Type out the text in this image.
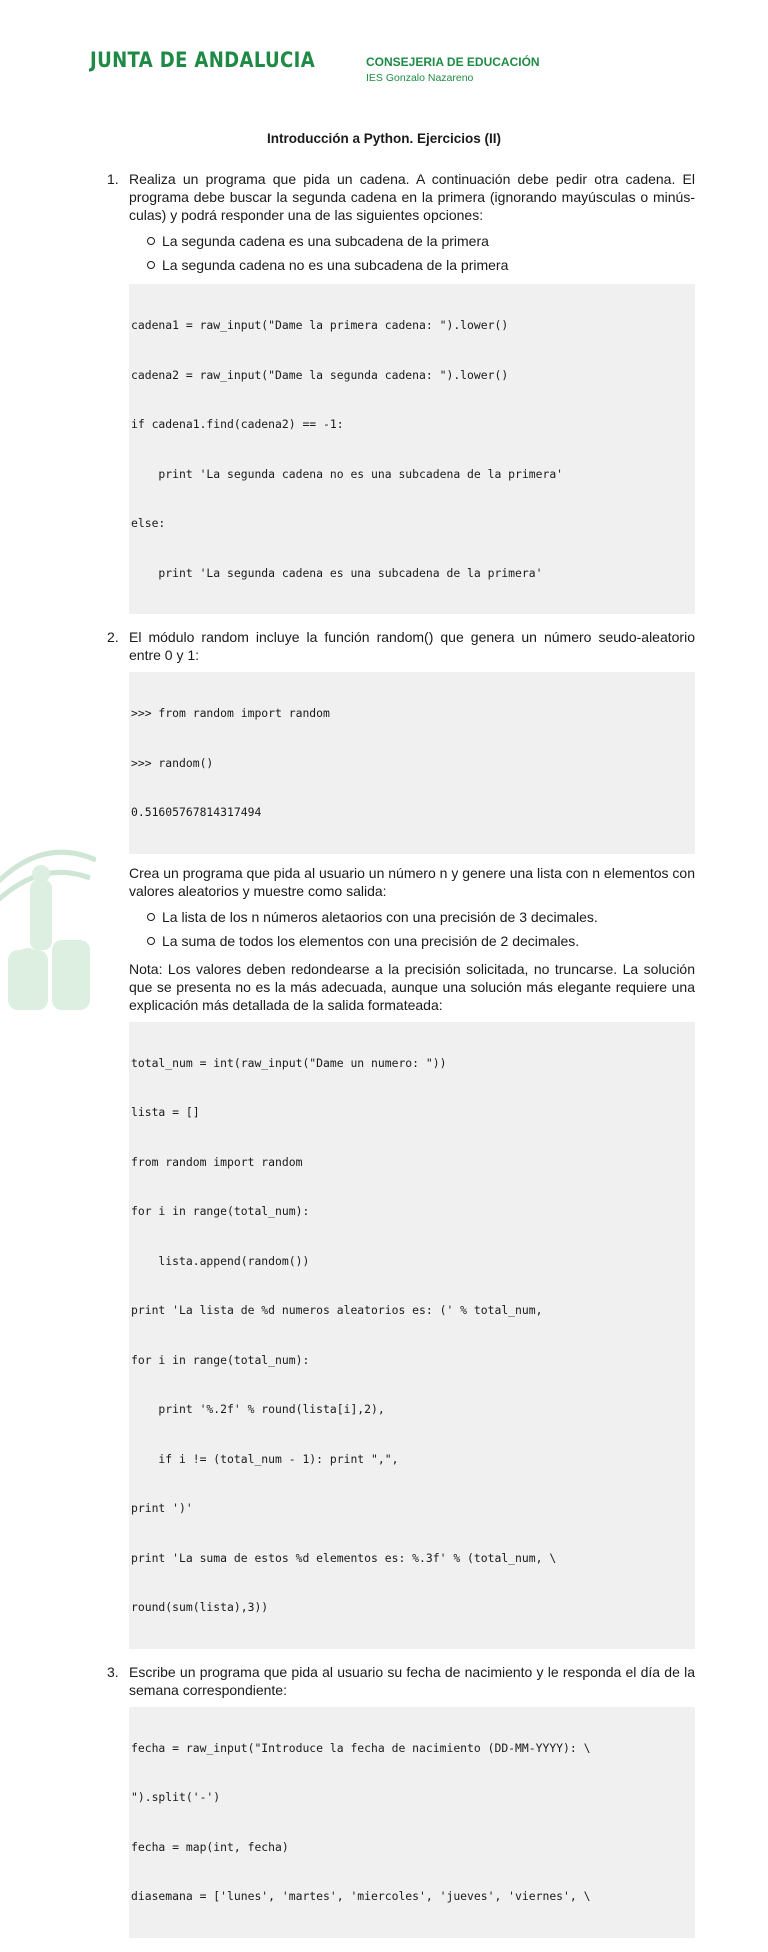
JUNTA DE ANDALUCIA	CONSEJERIA DE EDUCACIÓN
IES Gonzalo Nazareno
Introducción a Python. Ejercicios (II)
1. Realiza un programa que pida un cadena. A continuación debe pedir otra cadena. El programa debe buscar la segunda cadena en la primera (ignorando mayúsculas o minús- culas) y podrá responder una de las siguientes opciones:

La segunda cadena es una subcadena de la primera
La segunda cadena no es una subcadena de la primera

cadena1 = raw_input("Dame la primera cadena: ").lower()

cadena2 = raw_input("Dame la segunda cadena: ").lower()

if cadena1.find(cadena2) == -1:

print 'La segunda cadena no es una subcadena de la primera'

else:

print 'La segunda cadena es una subcadena de la primera'

2. El módulo random incluye la función random() que genera un número seudo-aleatorio entre 0 y 1:

>>> from random import random

>>> random()

0.51605767814317494

Crea un programa que pida al usuario un número n y genere una lista con n elementos con valores aleatorios y muestre como salida:

La lista de los n números aletaorios con una precisión de 3 decimales.
La suma de todos los elementos con una precisión de 2 decimales.

Nota: Los valores deben redondearse a la precisión solicitada, no truncarse. La solución que se presenta no es la más adecuada, aunque una solución más elegante requiere una explicación más detallada de la salida formateada:

total_num = int(raw_input("Dame un numero: "))

lista = []

from random import random

for i in range(total_num):

lista.append(random())

print 'La lista de %d numeros aleatorios es: (' % total_num,

for i in range(total_num):

print '%.2f' % round(lista[i],2),

if i != (total_num - 1): print ",",

print ')'

print 'La suma de estos %d elementos es: %.3f' % (total_num, \

round(sum(lista),3))

3. Escribe un programa que pida al usuario su fecha de nacimiento y le responda el día de la semana correspondiente:

fecha = raw_input("Introduce la fecha de nacimiento (DD-MM-YYYY): \

").split('-')

fecha = map(int, fecha)

diasemana = ['lunes', 'martes', 'miercoles', 'jueves', 'viernes', \
